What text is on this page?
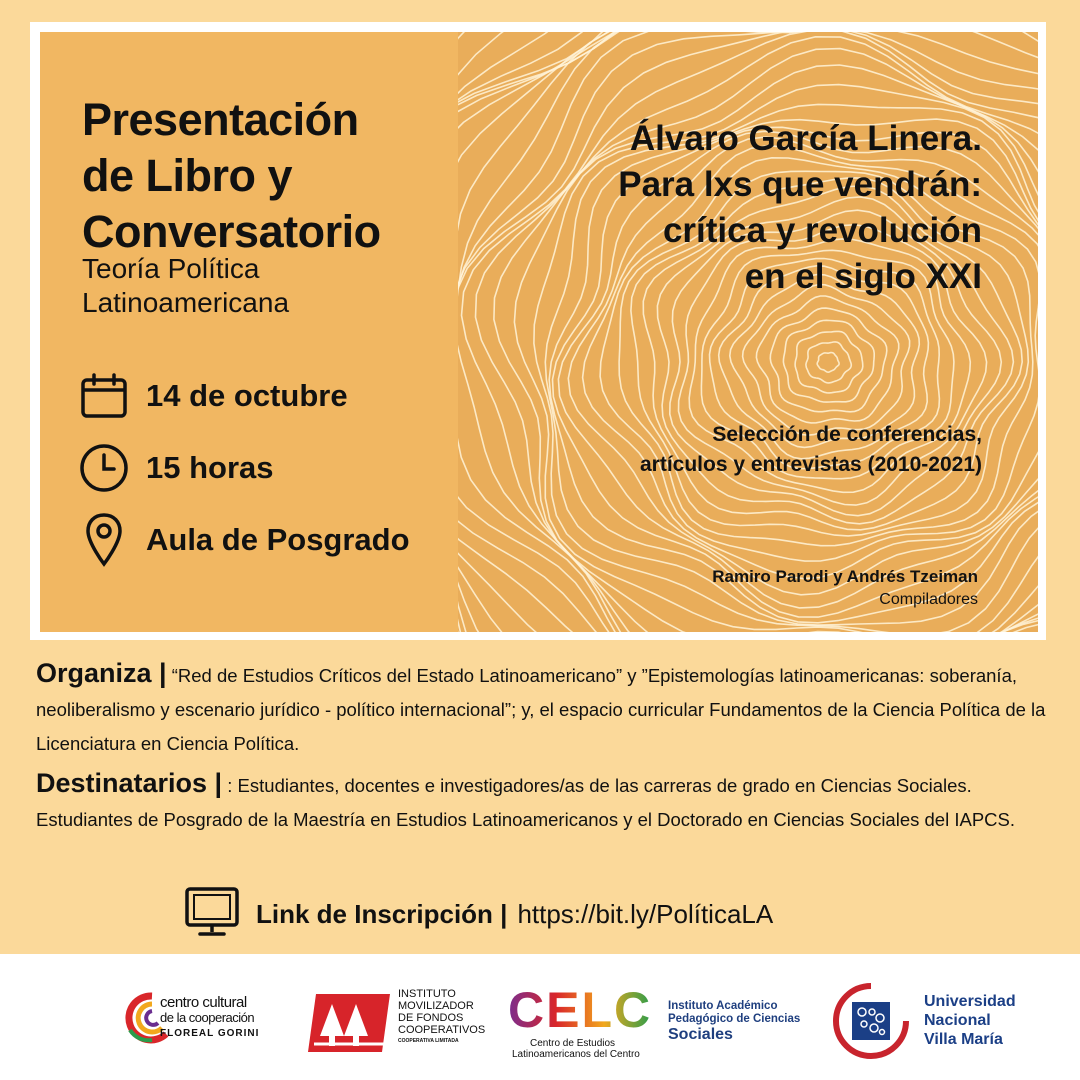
Presentación
de Libro y
Conversatorio
Teoría Política
Latinoamericana
14 de octubre
15 horas
Aula de Posgrado
Álvaro García Linera.
Para lxs que vendrán:
crítica y revolución
en el siglo XXI
Selección de conferencias,
artículos y entrevistas (2010-2021)
Ramiro Parodi y Andrés Tzeiman
Compiladores

Organiza | “Red de Estudios Críticos del Estado Latinoamericano” y ”Epistemologías latinoamericanas: soberanía, neoliberalismo y escenario jurídico - político internacional”; y, el espacio curricular Fundamentos de la Ciencia Política de la Licenciatura en Ciencia Política.

Destinatarios | : Estudiantes, docentes e investigadores/as de las carreras de grado en Ciencias Sociales. Estudiantes de Posgrado de la Maestría en Estudios Latinoamericanos y el Doctorado en Ciencias Sociales del IAPCS.

Link de Inscripción | https://bit.ly/PolíticaLA
centro cultural
de la cooperación
FLOREAL GORINI
INSTITUTO
MOVILIZADOR
DE FONDOS
COOPERATIVOS
COOPERATIVA LIMITADA
CELC
Centro de Estudios
Latinoamericanos del Centro
Instituto Académico
Pedagógico de Ciencias
Sociales
Universidad
Nacional
Villa María
